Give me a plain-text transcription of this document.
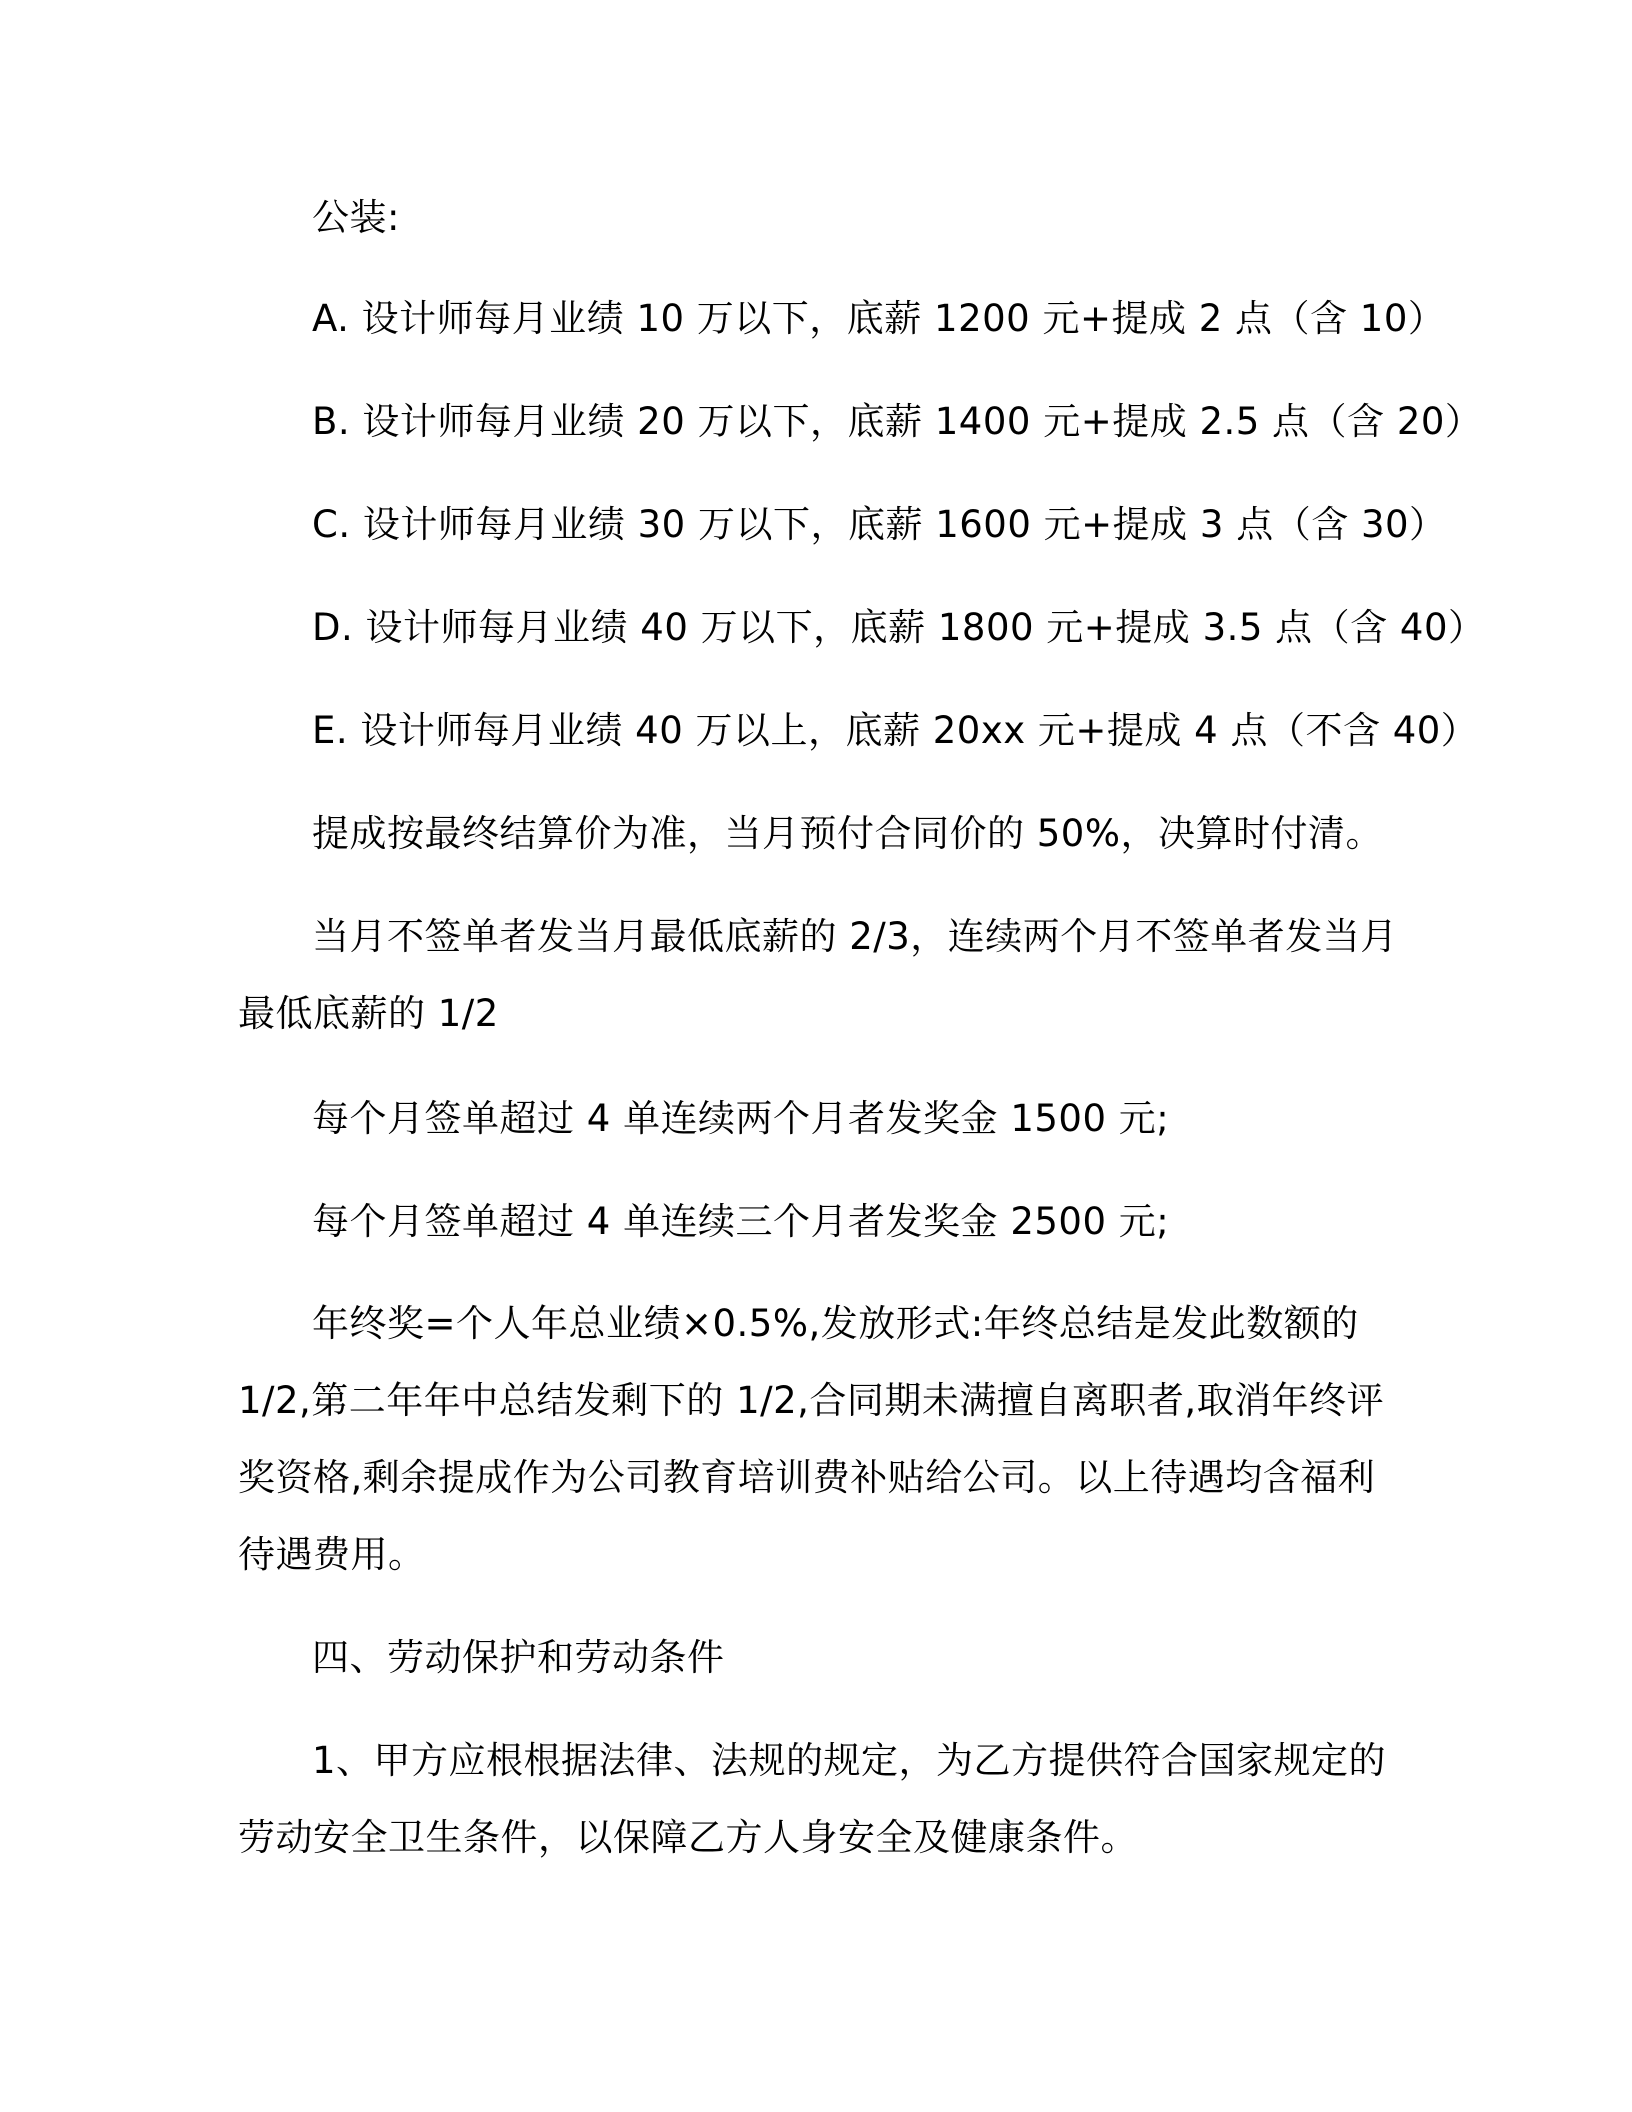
公装:
A. 设计师每月业绩 10 万以下，底薪 1200 元+提成 2 点（含 10）
B. 设计师每月业绩 20 万以下，底薪 1400 元+提成 2.5 点（含 20）
C. 设计师每月业绩 30 万以下，底薪 1600 元+提成 3 点（含 30）
D. 设计师每月业绩 40 万以下，底薪 1800 元+提成 3.5 点（含 40）
E. 设计师每月业绩 40 万以上，底薪 20xx 元+提成 4 点（不含 40）
提成按最终结算价为准，当月预付合同价的 50%，决算时付清。
当月不签单者发当月最低底薪的 2/3，连续两个月不签单者发当月
最低底薪的 1/2
每个月签单超过 4 单连续两个月者发奖金 1500 元;
每个月签单超过 4 单连续三个月者发奖金 2500 元;
年终奖=个人年总业绩×0.5%,发放形式:年终总结是发此数额的
1/2,第二年年中总结发剩下的 1/2,合同期未满擅自离职者,取消年终评
奖资格,剩余提成作为公司教育培训费补贴给公司。以上待遇均含福利
待遇费用。
四、劳动保护和劳动条件
1、甲方应根根据法律、法规的规定，为乙方提供符合国家规定的
劳动安全卫生条件，以保障乙方人身安全及健康条件。
